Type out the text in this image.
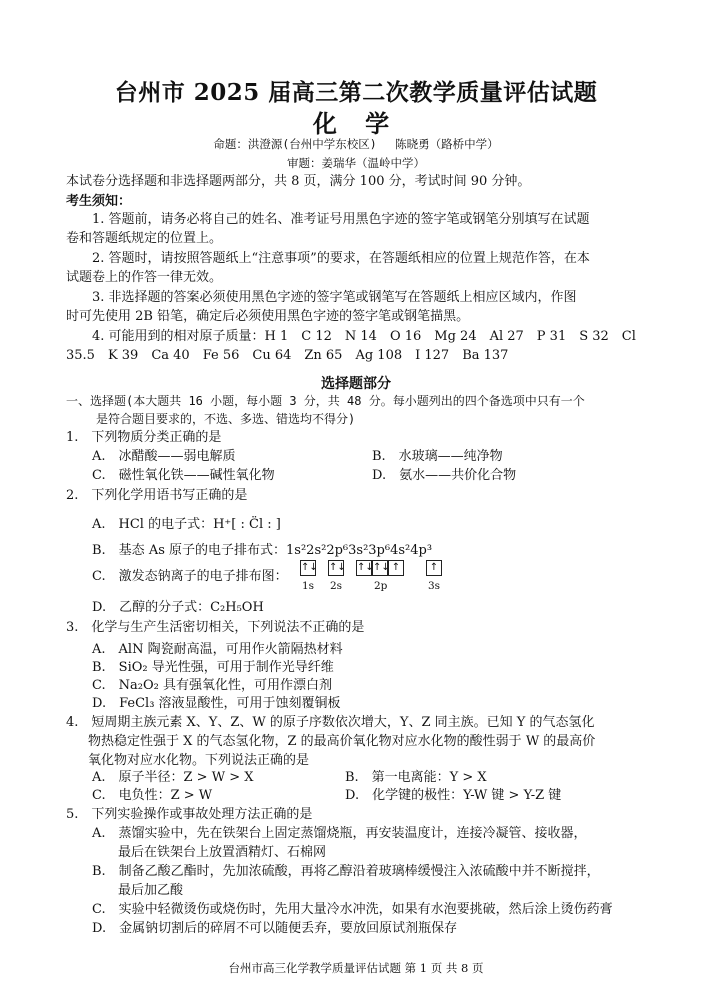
台州市 2025 届高三第二次教学质量评估试题
化 学
命题：洪澄源(台州中学东校区)　 陈晓勇（路桥中学）
审题：姜瑞华（温岭中学）
本试卷分选择题和非选择题两部分，共 8 页，满分 100 分，考试时间 90 分钟。
考生须知：
1. 答题前，请务必将自己的姓名、准考证号用黑色字迹的签字笔或钢笔分别填写在试题
卷和答题纸规定的位置上。
2. 答题时，请按照答题纸上“注意事项”的要求，在答题纸相应的位置上规范作答，在本
试题卷上的作答一律无效。
3. 非选择题的答案必须使用黑色字迹的签字笔或钢笔写在答题纸上相应区域内，作图
时可先使用 2B 铅笔，确定后必须使用黑色字迹的签字笔或钢笔描黑。
4. 可能用到的相对原子质量：H 1　C 12　N 14　O 16　Mg 24　Al 27　P 31　S 32　Cl
35.5　K 39　Ca 40　Fe 56　Cu 64　Zn 65　Ag 108　I 127　Ba 137
选择题部分
一、选择题(本大题共 16 小题，每小题 3 分，共 48 分。每小题列出的四个备选项中只有一个
是符合题目要求的，不选、多选、错选均不得分)
1.　下列物质分类正确的是
A.　冰醋酸——弱电解质	B.　水玻璃——纯净物
C.　磁性氧化铁——碱性氧化物	D.　氨水——共价化合物
2.　下列化学用语书写正确的是
A.　HCl 的电子式：H⁺[ : C̈l : ]
B.　基态 As 原子的电子排布式：1s²2s²2p⁶3s²3p⁶4s²4p³
C.　激发态钠离子的电子排布图：
↑↓ ↑↓ ↑↓ ↑↓ ↑	↑
1s 2s	2p	3s
D.　乙醇的分子式：C₂H₅OH
3.　化学与生产生活密切相关，下列说法不正确的是
A.　AlN 陶瓷耐高温，可用作火箭隔热材料
B.　SiO₂ 导光性强，可用于制作光导纤维
C.　Na₂O₂ 具有强氧化性，可用作漂白剂
D.　FeCl₃ 溶液显酸性，可用于蚀刻覆铜板
4.　短周期主族元素 X、Y、Z、W 的原子序数依次增大，Y、Z 同主族。已知 Y 的气态氢化
物热稳定性强于 X 的气态氢化物，Z 的最高价氧化物对应水化物的酸性弱于 W 的最高价
氧化物对应水化物。下列说法正确的是
A.　原子半径：Z > W > X	B.　第一电离能：Y > X
C.　电负性：Z > W	D.　化学键的极性：Y-W 键 > Y-Z 键
5.　下列实验操作或事故处理方法正确的是
A.　蒸馏实验中，先在铁架台上固定蒸馏烧瓶，再安装温度计，连接冷凝管、接收器，
最后在铁架台上放置酒精灯、石棉网
B.　制备乙酸乙酯时，先加浓硫酸，再将乙醇沿着玻璃棒缓慢注入浓硫酸中并不断搅拌，
最后加乙酸
C.　实验中轻微烫伤或烧伤时，先用大量冷水冲洗，如果有水泡要挑破，然后涂上烫伤药膏
D.　金属钠切割后的碎屑不可以随便丢弃，要放回原试剂瓶保存
台州市高三化学教学质量评估试题 第 1 页 共 8 页
